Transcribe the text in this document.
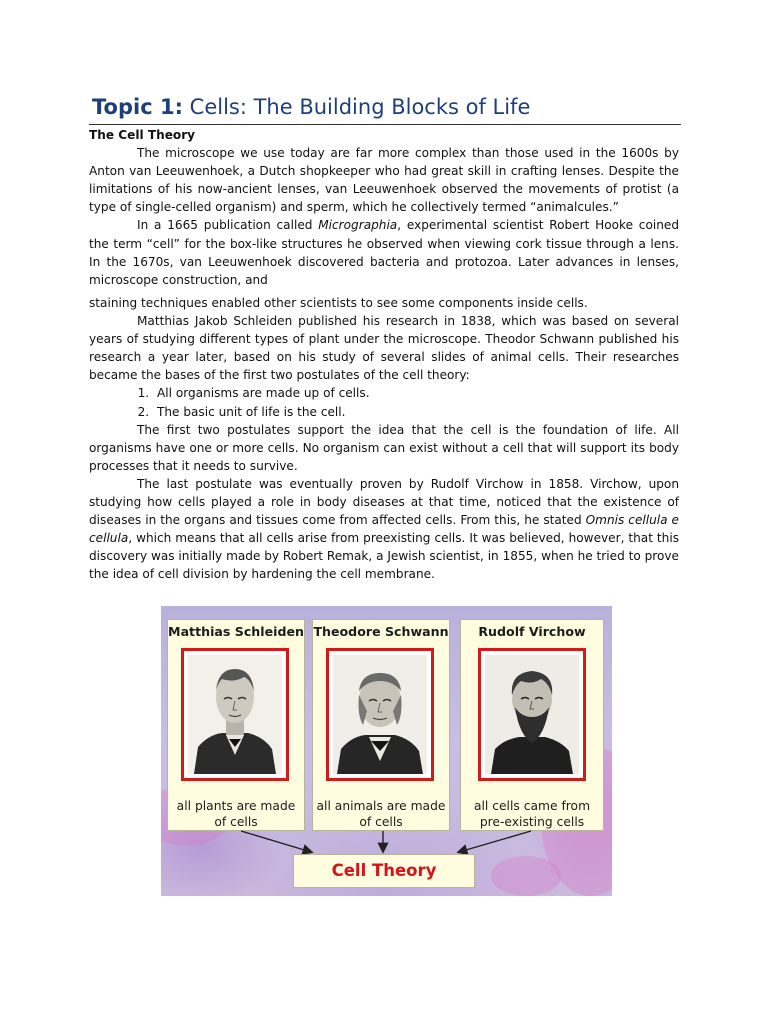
Topic 1: Cells: The Building Blocks of Life

The Cell Theory

The microscope we use today are far more complex than those used in the 1600s by Anton van Leeuwenhoek, a Dutch shopkeeper who had great skill in crafting lenses. Despite the limitations of his now-ancient lenses, van Leeuwenhoek observed the movements of protist (a type of single-celled organism) and sperm, which he collectively termed “animalcules.”

In a 1665 publication called Micrographia, experimental scientist Robert Hooke coined the term “cell” for the box-like structures he observed when viewing cork tissue through a lens. In the 1670s, van Leeuwenhoek discovered bacteria and protozoa. Later advances in lenses, microscope construction, and

staining techniques enabled other scientists to see some components inside cells.

Matthias Jakob Schleiden published his research in 1838, which was based on several years of studying different types of plant under the microscope. Theodor Schwann published his research a year later, based on his study of several slides of animal cells. Their researches became the bases of the first two postulates of the cell theory:

1. All organisms are made up of cells.
2. The basic unit of life is the cell.

The first two postulates support the idea that the cell is the foundation of life. All organisms have one or more cells. No organism can exist without a cell that will support its body processes that it needs to survive.

The last postulate was eventually proven by Rudolf Virchow in 1858. Virchow, upon studying how cells played a role in body diseases at that time, noticed that the existence of diseases in the organs and tissues come from affected cells. From this, he stated Omnis cellula e cellula, which means that all cells arise from preexisting cells. It was believed, however, that this discovery was initially made by Robert Remak, a Jewish scientist, in 1855, when he tried to prove the idea of cell division by hardening the cell membrane.

Matthias Schleiden
all plants are made
of cells
Theodore Schwann
all animals are made
of cells
Rudolf Virchow
all cells came from
pre-existing cells
Cell Theory
